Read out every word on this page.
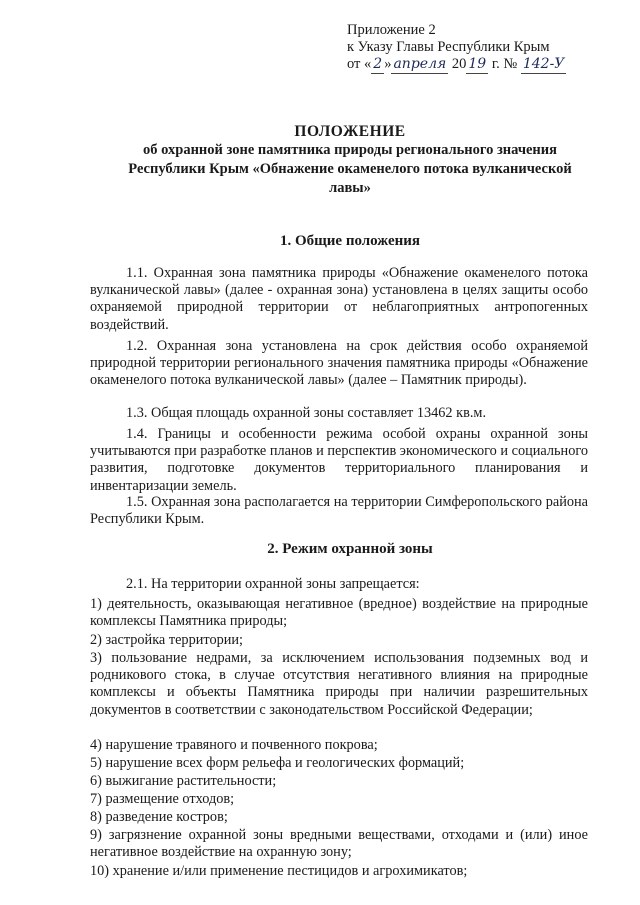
Приложение 2
к Указу Главы Республики Крым
от « 2 » апреля 20 19 г. № 142-У
ПОЛОЖЕНИЕ
об охранной зоне памятника природы регионального значения
Республики Крым «Обнажение окаменелого потока вулканической
лавы»
1. Общие положения
1.1. Охранная зона памятника природы «Обнажение окаменелого потока вулканической лавы» (далее - охранная зона) установлена в целях защиты особо охраняемой природной территории от неблагоприятных антропогенных воздействий.
1.2. Охранная зона установлена на срок действия особо охраняемой природной территории регионального значения памятника природы «Обнажение окаменелого потока вулканической лавы» (далее – Памятник природы).
1.3. Общая площадь охранной зоны составляет 13462 кв.м.
1.4. Границы и особенности режима особой охраны охранной зоны учитываются при разработке планов и перспектив экономического и социального развития, подготовке документов территориального планирования и инвентаризации земель.
1.5. Охранная зона располагается на территории Симферопольского района Республики Крым.
2. Режим охранной зоны
2.1. На территории охранной зоны запрещается:
1) деятельность, оказывающая негативное (вредное) воздействие на природные комплексы Памятника природы;
2) застройка территории;
3) пользование недрами, за исключением использования подземных вод и родникового стока, в случае отсутствия негативного влияния на природные комплексы и объекты Памятника природы при наличии разрешительных документов в соответствии с законодательством Российской Федерации;
4) нарушение травяного и почвенного покрова;
5) нарушение всех форм рельефа и геологических формаций;
6) выжигание растительности;
7) размещение отходов;
8) разведение костров;
9) загрязнение охранной зоны вредными веществами, отходами и (или) иное негативное воздействие на охранную зону;
10) хранение и/или применение пестицидов и агрохимикатов;
